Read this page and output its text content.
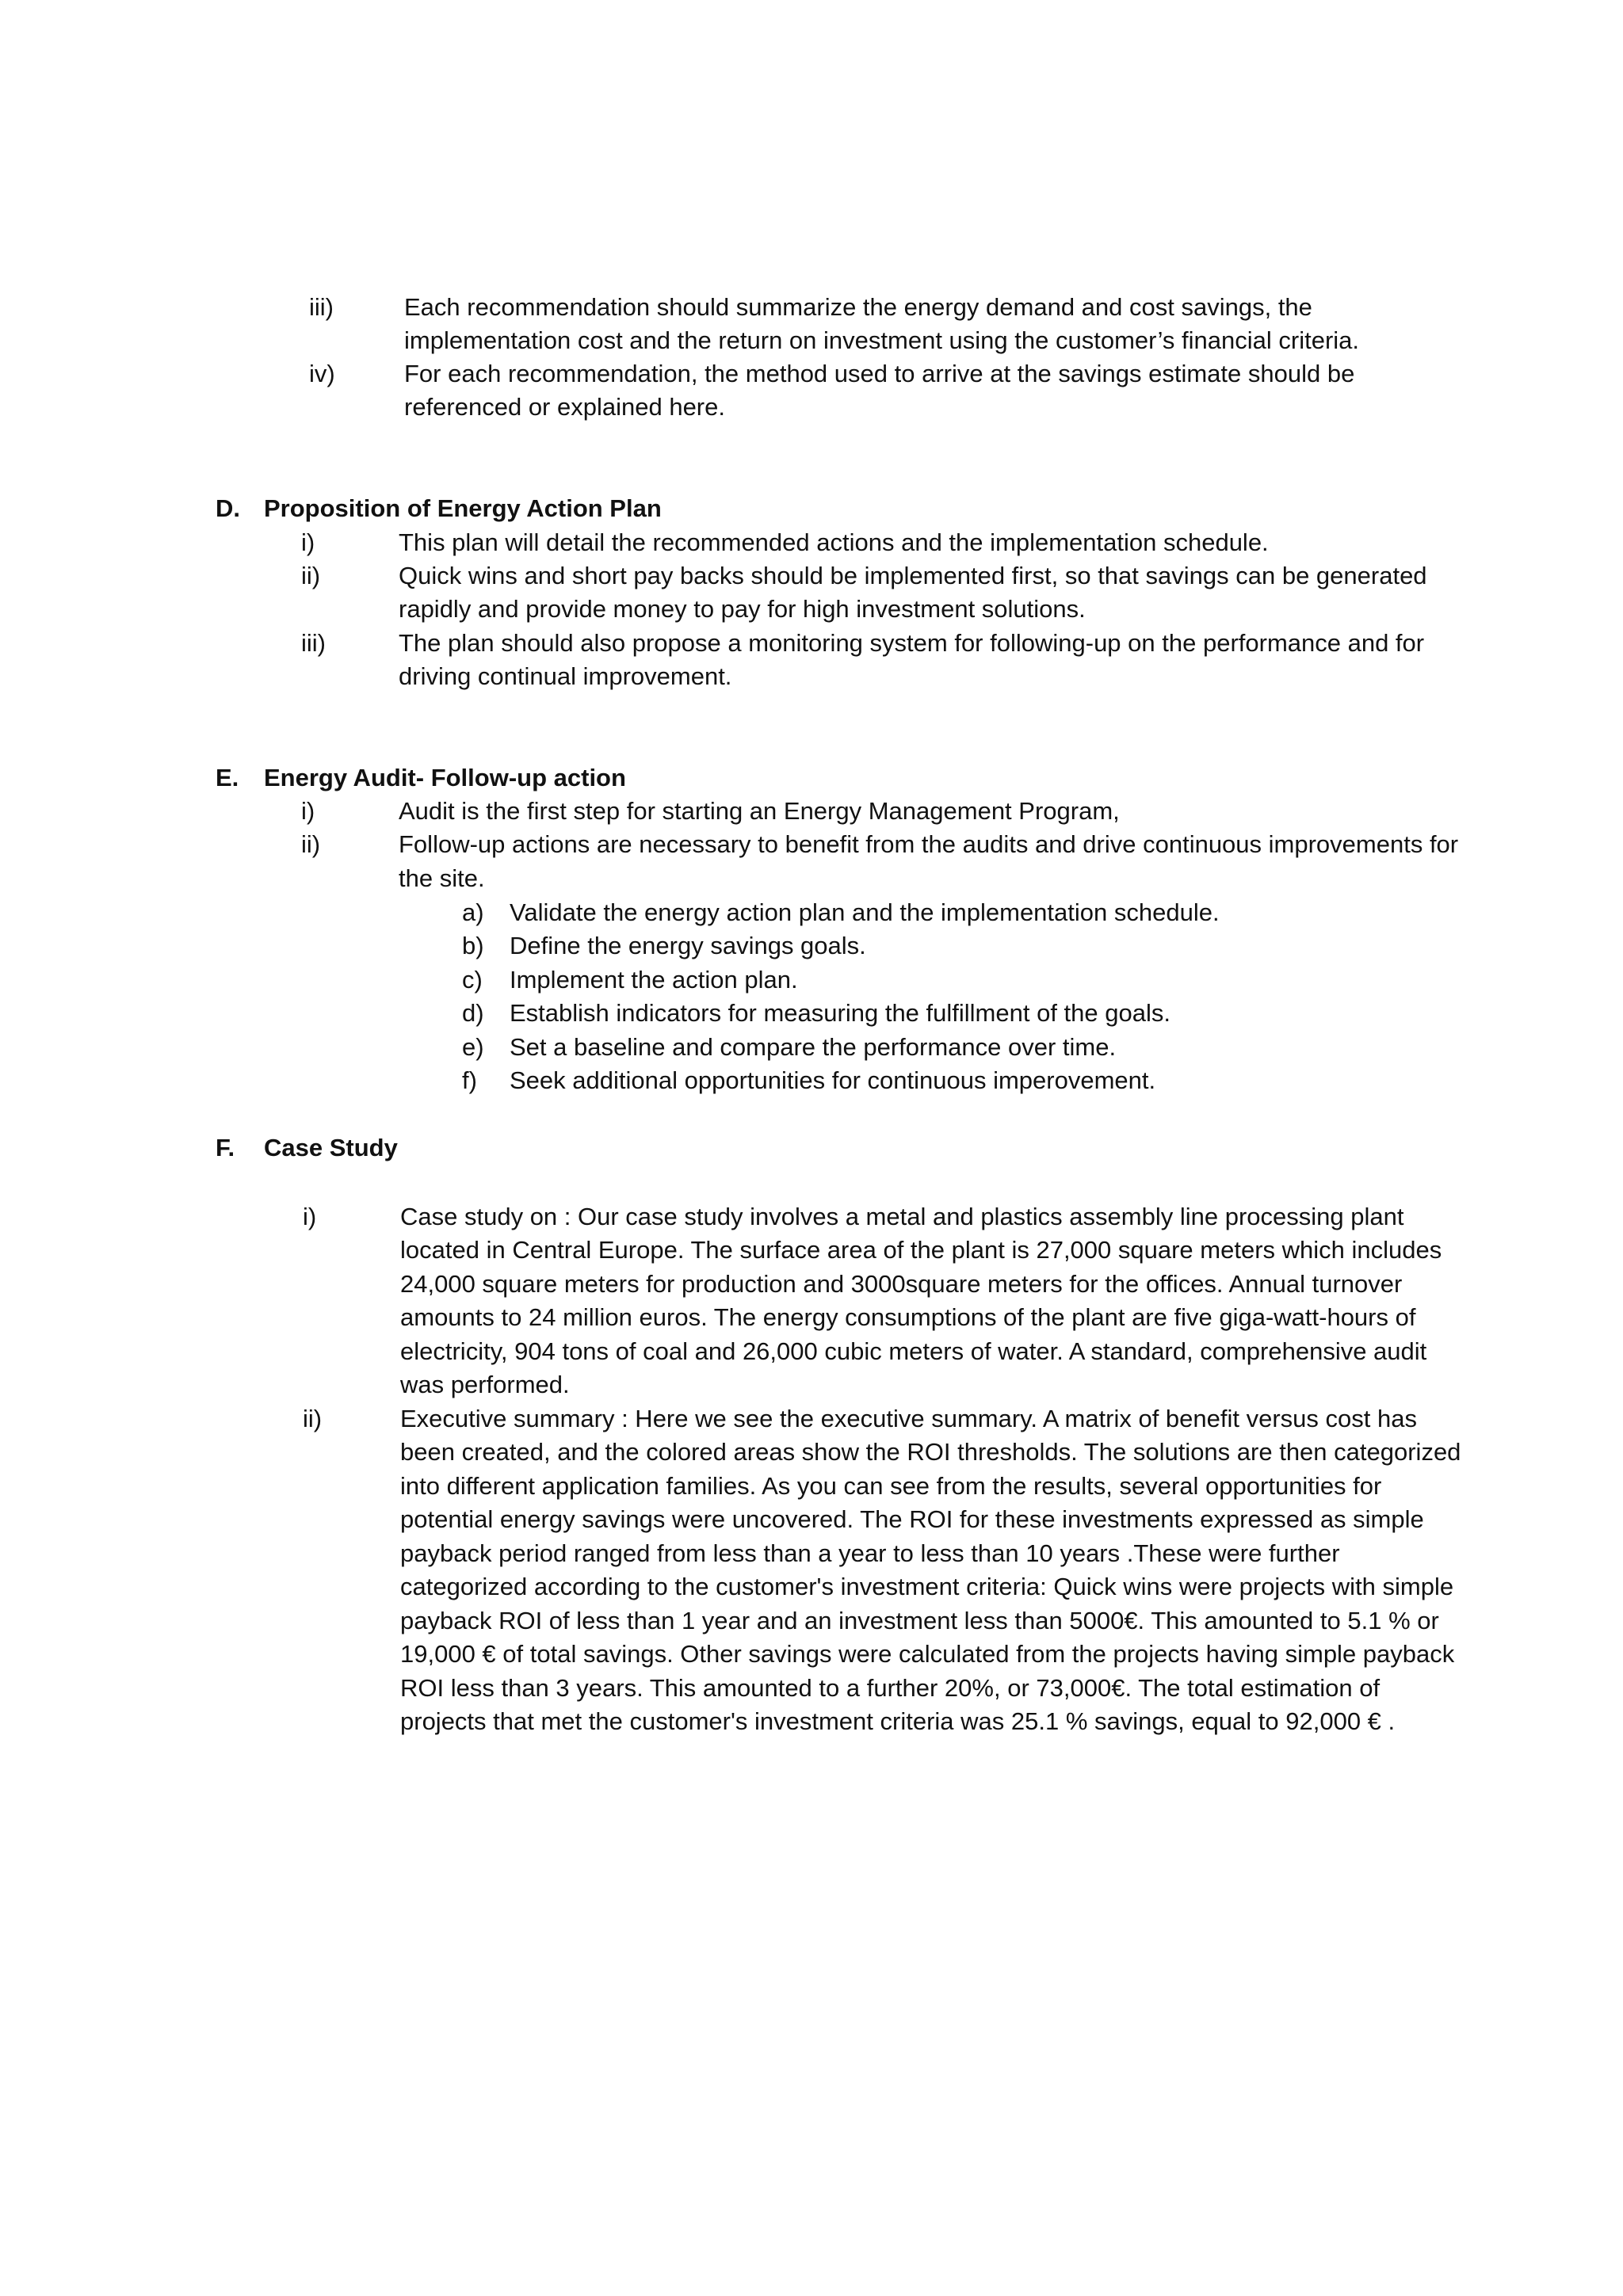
iii)	Each recommendation should summarize the energy demand and cost savings, the
implementation cost and the return on investment using the customer’s financial criteria.
iv)	For each recommendation, the method used to arrive at the savings estimate should be
referenced or explained here.
D. Proposition of Energy Action Plan
i)	This plan will detail the recommended actions and the implementation schedule.
ii)	Quick wins and short pay backs should be implemented first, so that savings can be generated
rapidly and provide money to pay for high investment solutions.
iii)	The plan should also propose a monitoring system for following-up on the performance and for
driving continual improvement.
E. Energy Audit- Follow-up action
i)	Audit is the first step for starting an Energy Management Program,
ii)	Follow-up actions are necessary to benefit from the audits and drive continuous improvements for
the site.
a) Validate the energy action plan and the implementation schedule.
b) Define the energy savings goals.
c) Implement the action plan.
d) Establish indicators for measuring the fulfillment of the goals.
e) Set a baseline and compare the performance over time.
f) Seek additional opportunities for continuous imperovement.
F. Case Study
i)	Case study on : Our case study involves a metal and plastics assembly line processing plant
located in Central Europe. The surface area of the plant is 27,000 square meters which includes
24,000 square meters for production and 3000square meters for the offices. Annual turnover
amounts to 24 million euros. The energy consumptions of the plant are five giga-watt-hours of
electricity, 904 tons of coal and 26,000 cubic meters of water. A standard, comprehensive audit
was performed.
ii)	Executive summary : Here we see the executive summary. A matrix of benefit versus cost has
been created, and the colored areas show the ROI thresholds. The solutions are then categorized
into different application families. As you can see from the results, several opportunities for
potential energy savings were uncovered. The ROI for these investments expressed as simple
payback period ranged from less than a year to less than 10 years .These were further
categorized according to the customer's investment criteria: Quick wins were projects with simple
payback ROI of less than 1 year and an investment less than 5000€. This amounted to 5.1 % or
19,000 € of total savings. Other savings were calculated from the projects having simple payback
ROI less than 3 years. This amounted to a further 20%, or 73,000€. The total estimation of
projects that met the customer's investment criteria was 25.1 % savings, equal to 92,000 € .
